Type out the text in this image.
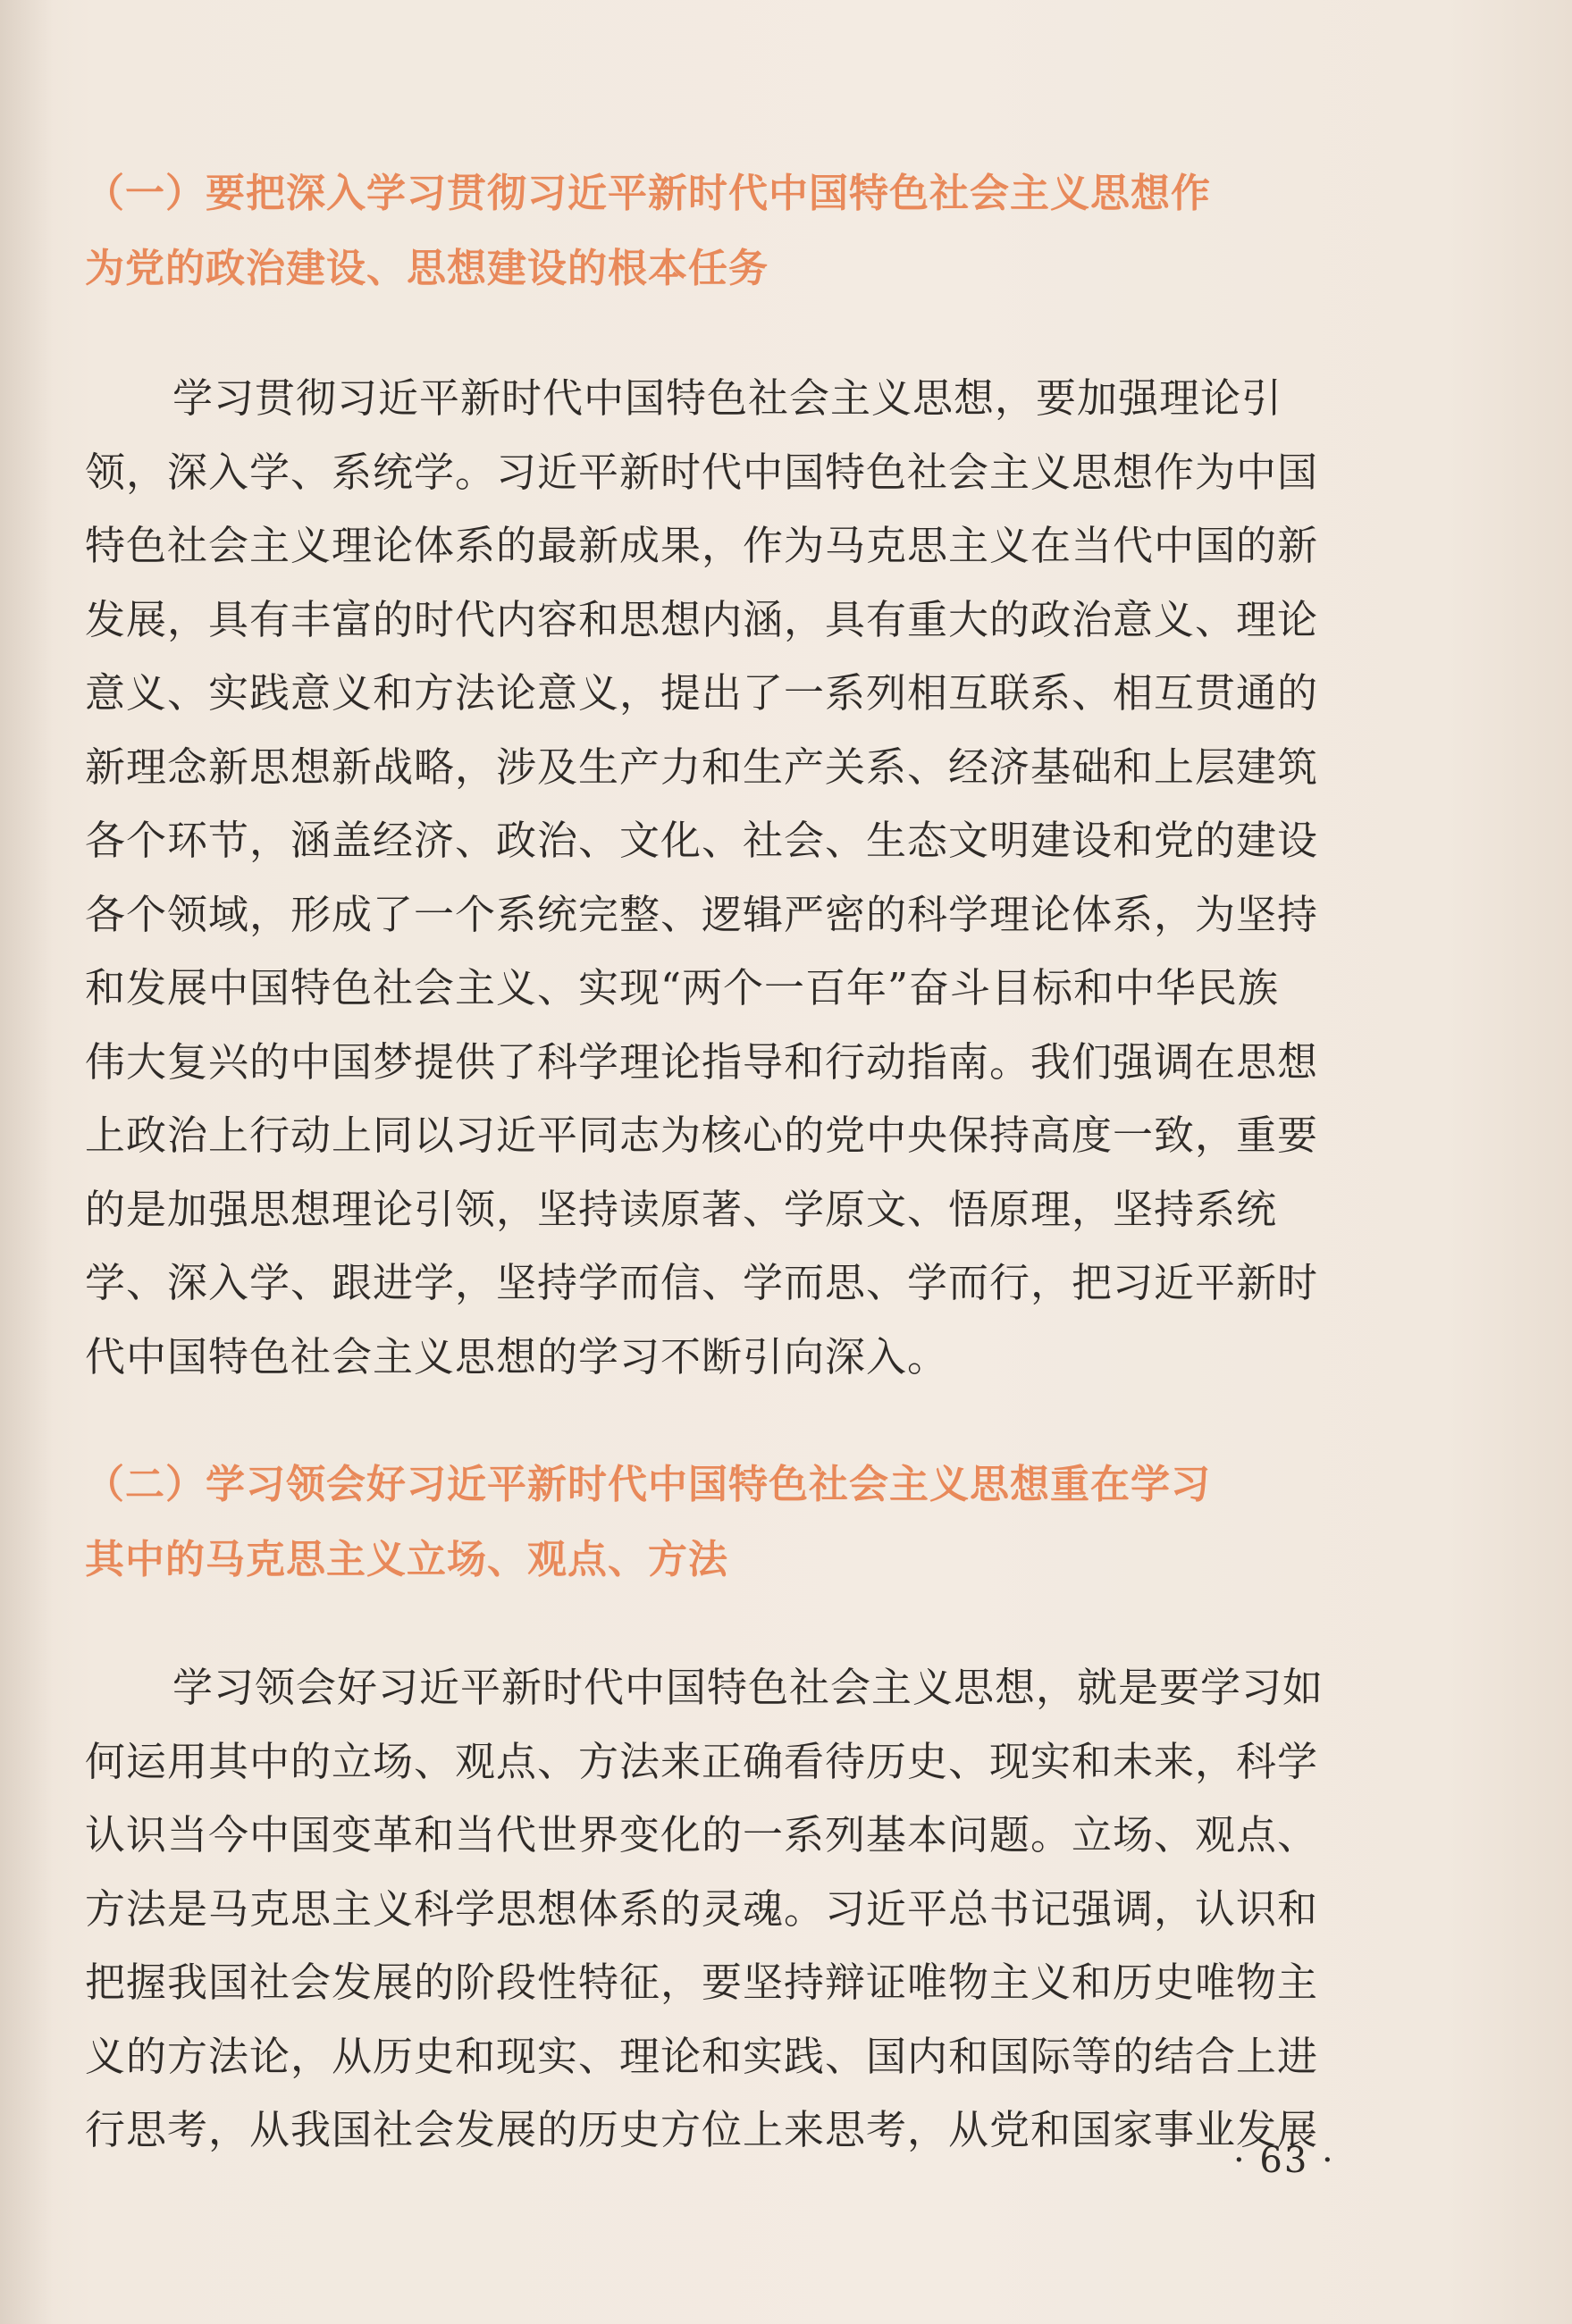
（一）要把深入学习贯彻习近平新时代中国特色社会主义思想作
为党的政治建设、思想建设的根本任务

学习贯彻习近平新时代中国特色社会主义思想，要加强理论引
领，深入学、系统学。习近平新时代中国特色社会主义思想作为中国
特色社会主义理论体系的最新成果，作为马克思主义在当代中国的新
发展，具有丰富的时代内容和思想内涵，具有重大的政治意义、理论
意义、实践意义和方法论意义，提出了一系列相互联系、相互贯通的
新理念新思想新战略，涉及生产力和生产关系、经济基础和上层建筑
各个环节，涵盖经济、政治、文化、社会、生态文明建设和党的建设
各个领域，形成了一个系统完整、逻辑严密的科学理论体系，为坚持
和发展中国特色社会主义、实现“两个一百年”奋斗目标和中华民族
伟大复兴的中国梦提供了科学理论指导和行动指南。我们强调在思想
上政治上行动上同以习近平同志为核心的党中央保持高度一致，重要
的是加强思想理论引领，坚持读原著、学原文、悟原理，坚持系统
学、深入学、跟进学，坚持学而信、学而思、学而行，把习近平新时
代中国特色社会主义思想的学习不断引向深入。

（二）学习领会好习近平新时代中国特色社会主义思想重在学习
其中的马克思主义立场、观点、方法

学习领会好习近平新时代中国特色社会主义思想，就是要学习如
何运用其中的立场、观点、方法来正确看待历史、现实和未来，科学
认识当今中国变革和当代世界变化的一系列基本问题。立场、观点、
方法是马克思主义科学思想体系的灵魂。习近平总书记强调，认识和
把握我国社会发展的阶段性特征，要坚持辩证唯物主义和历史唯物主
义的方法论，从历史和现实、理论和实践、国内和国际等的结合上进
行思考，从我国社会发展的历史方位上来思考，从党和国家事业发展

· 63 ·
